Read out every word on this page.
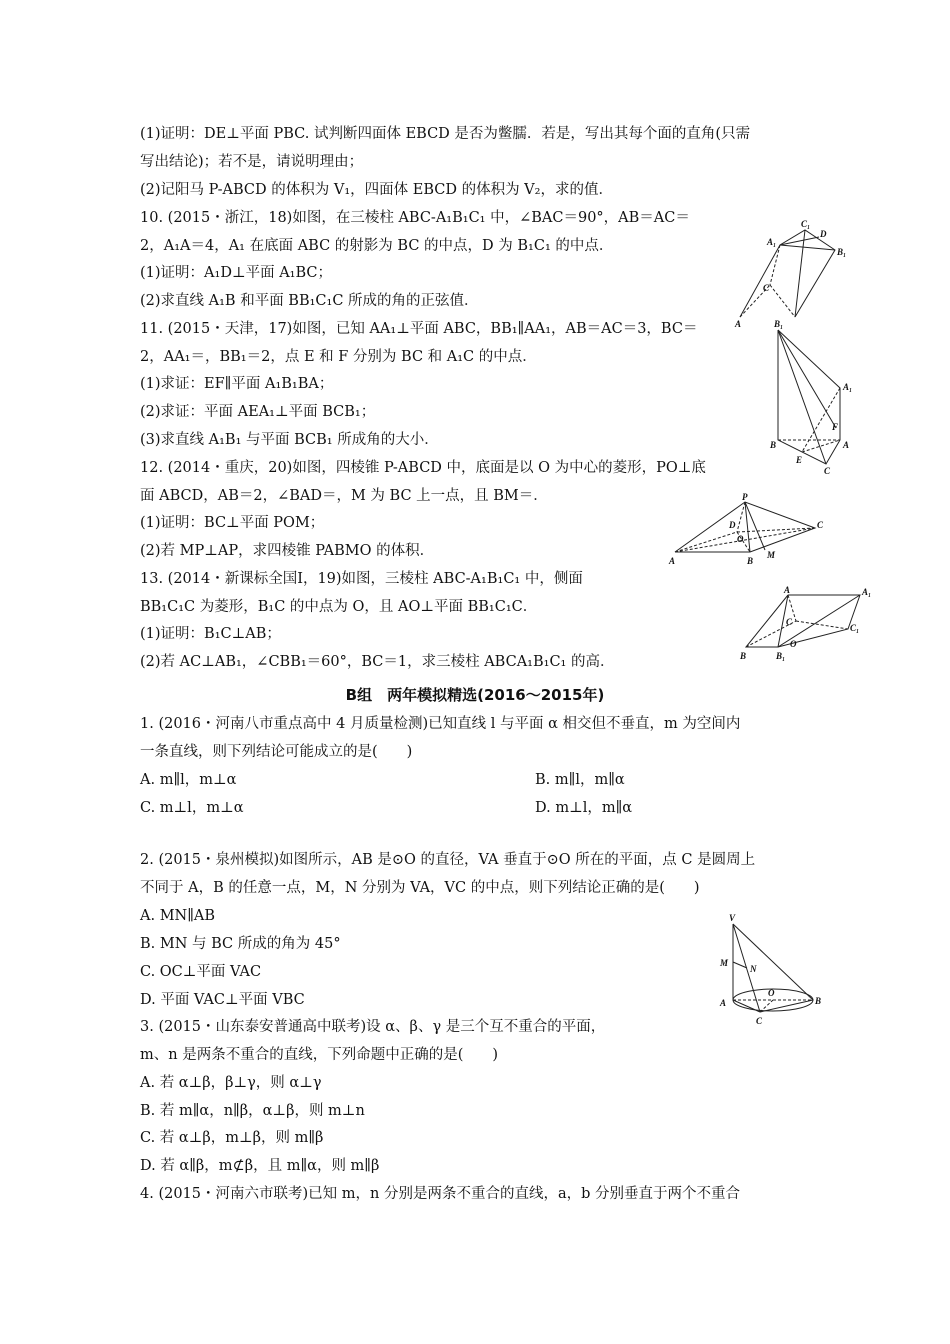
(1)证明：DE⊥平面 PBC. 试判断四面体 EBCD 是否为鳖臑．若是，写出其每个面的直角(只需
写出结论)；若不是，请说明理由；
(2)记阳马 P-ABCD 的体积为 V₁，四面体 EBCD 的体积为 V₂，求的值．
10. (2015・浙江，18)如图，在三棱柱 ABC-A₁B₁C₁ 中，∠BAC＝90°，AB＝AC＝
2，A₁A＝4，A₁ 在底面 ABC 的射影为 BC 的中点，D 为 B₁C₁ 的中点．
(1)证明：A₁D⊥平面 A₁BC；
(2)求直线 A₁B 和平面 BB₁C₁C 所成的角的正弦值．
11. (2015・天津，17)如图，已知 AA₁⊥平面 ABC，BB₁∥AA₁，AB＝AC＝3，BC＝
2，AA₁＝，BB₁＝2，点 E 和 F 分别为 BC 和 A₁C 的中点．
(1)求证：EF∥平面 A₁B₁BA；
(2)求证：平面 AEA₁⊥平面 BCB₁；
(3)求直线 A₁B₁ 与平面 BCB₁ 所成角的大小．
12. (2014・重庆，20)如图，四棱锥 P-ABCD 中，底面是以 O 为中心的菱形，PO⊥底
面 ABCD，AB＝2，∠BAD＝，M 为 BC 上一点，且 BM＝．
(1)证明：BC⊥平面 POM；
(2)若 MP⊥AP，求四棱锥 PABMO 的体积．
13. (2014・新课标全国Ⅰ，19)如图，三棱柱 ABC-A₁B₁C₁ 中，侧面
BB₁C₁C 为菱形，B₁C 的中点为 O，且 AO⊥平面 BB₁C₁C．
(1)证明：B₁C⊥AB；
(2)若 AC⊥AB₁，∠CBB₁＝60°，BC＝1，求三棱柱 ABCA₁B₁C₁ 的高．
B组　两年模拟精选(2016～2015年)
1. (2016・河南八市重点高中 4 月质量检测)已知直线 l 与平面 α 相交但不垂直，m 为空间内
一条直线，则下列结论可能成立的是(　　)
A. m∥l，m⊥α	B. m∥l，m∥α
C. m⊥l，m⊥α	D. m⊥l，m∥α
2. (2015・泉州模拟)如图所示，AB 是⊙O 的直径，VA 垂直于⊙O 所在的平面，点 C 是圆周上
不同于 A，B 的任意一点，M，N 分别为 VA，VC 的中点，则下列结论正确的是(　　)
A. MN∥AB
B. MN 与 BC 所成的角为 45°
C. OC⊥平面 VAC
D. 平面 VAC⊥平面 VBC
3. (2015・山东泰安普通高中联考)设 α、β、γ 是三个互不重合的平面，
m、n 是两条不重合的直线，下列命题中正确的是(　　)
A. 若 α⊥β，β⊥γ，则 α⊥γ
B. 若 m∥α，n∥β，α⊥β，则 m⊥n
C. 若 α⊥β，m⊥β，则 m∥β
D. 若 α∥β，m⊄β，且 m∥α，则 m∥β
4. (2015・河南六市联考)已知 m，n 分别是两条不重合的直线，a，b 分别垂直于两个不重合
C₁
D
A₁
B₁
C
A	B₁
A₁
F
B
E
A
C
P
D
O
A	B
M
C
A	A₁
C
C₁
O
B	B₁
V
M
N
A
O
B
C
